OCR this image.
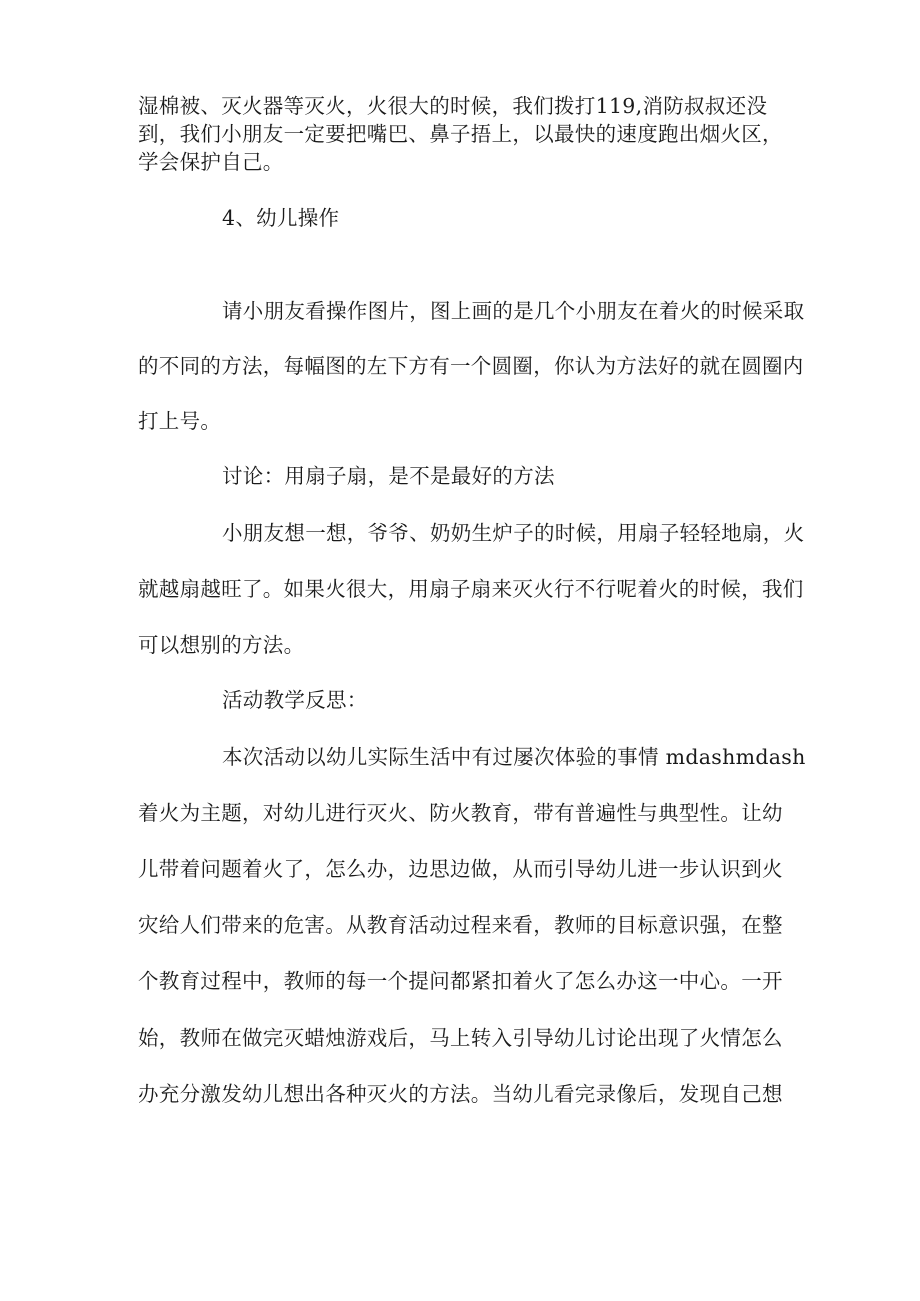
湿棉被、灭火器等灭火，火很大的时候，我们拨打119,消防叔叔还没

到，我们小朋友一定要把嘴巴、鼻子捂上，以最快的速度跑出烟火区，

学会保护自己。

4、幼儿操作

请小朋友看操作图片，图上画的是几个小朋友在着火的时候采取

的不同的方法，每幅图的左下方有一个圆圈，你认为方法好的就在圆圈内

打上号。

讨论：用扇子扇，是不是最好的方法

小朋友想一想，爷爷、奶奶生炉子的时候，用扇子轻轻地扇，火

就越扇越旺了。如果火很大，用扇子扇来灭火行不行呢着火的时候，我们

可以想别的方法。

活动教学反思：

本次活动以幼儿实际生活中有过屡次体验的事情 mdashmdash

着火为主题，对幼儿进行灭火、防火教育，带有普遍性与典型性。让幼

儿带着问题着火了，怎么办，边思边做，从而引导幼儿进一步认识到火

灾给人们带来的危害。从教育活动过程来看，教师的目标意识强，在整

个教育过程中，教师的每一个提问都紧扣着火了怎么办这一中心。一开

始，教师在做完灭蜡烛游戏后，马上转入引导幼儿讨论出现了火情怎么

办充分激发幼儿想出各种灭火的方法。当幼儿看完录像后，发现自己想
